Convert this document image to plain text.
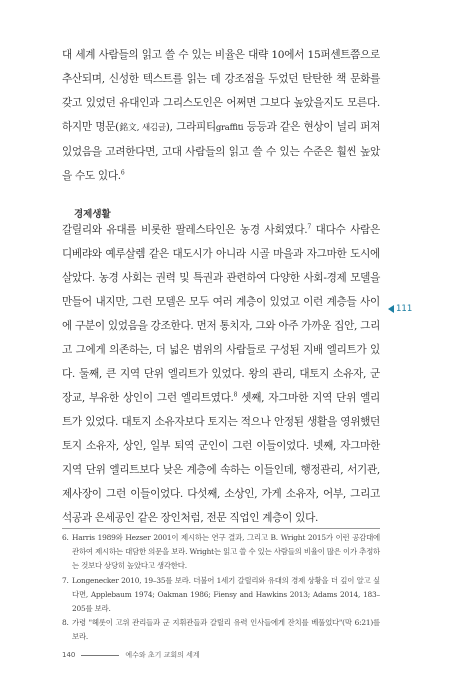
대 세계 사람들의 읽고 쓸 수 있는 비율은 대략 10에서 15퍼센트쯤으로 추산되며, 신성한 텍스트를 읽는 데 강조점을 두었던 탄탄한 책 문화를 갖고 있었던 유대인과 그리스도인은 어쩌면 그보다 높았을지도 모른다. 하지만 명문(銘文, 새김글), 그라피티graffiti 등등과 같은 현상이 널리 퍼져 있었음을 고려한다면, 고대 사람들의 읽고 쓸 수 있는 수준은 훨씬 높았을 수도 있다.$^6$

경제생활

갈릴리와 유대를 비롯한 팔레스타인은 농경 사회였다.$^7$ 대다수 사람은 디베랴와 예루살렘 같은 대도시가 아니라 시골 마을과 자그마한 도시에 살았다. 농경 사회는 권력 및 특권과 관련하여 다양한 사회-경제 모델을 만들어 내지만, 그런 모델은 모두 여러 계층이 있었고 이런 계층들 사이에 구분이 있었음을 강조한다. 먼저 통치자, 그와 아주 가까운 집안, 그리고 그에게 의존하는, 더 넓은 범위의 사람들로 구성된 지배 엘리트가 있다. 둘째, 큰 지역 단위 엘리트가 있었다. 왕의 관리, 대토지 소유자, 군 장교, 부유한 상인이 그런 엘리트였다.$^8$ 셋째, 자그마한 지역 단위 엘리트가 있었다. 대토지 소유자보다 토지는 적으나 안정된 생활을 영위했던 토지 소유자, 상인, 일부 퇴역 군인이 그런 이들이었다. 넷째, 자그마한 지역 단위 엘리트보다 낮은 계층에 속하는 이들인데, 행정관리, 서기관, 제사장이 그런 이들이었다. 다섯째, 소상인, 가게 소유자, 어부, 그리고 석공과 은세공인 같은 장인처럼, 전문 직업인 계층이 있다.

111
6. Harris 1989와 Hezser 2001이 제시하는 연구 결과, 그리고 B. Wright 2015가 이런 공감대에 관하여 제시하는 대담한 의문을 보라. Wright는 읽고 쓸 수 있는 사람들의 비율이 많은 이가 추정하는 것보다 상당히 높았다고 생각한다.
7. Longenecker 2010, 19–35를 보라. 더불어 1세기 갈릴리와 유대의 경제 상황을 더 깊이 알고 싶다면, Applebaum 1974; Oakman 1986; Fiensy and Hawkins 2013; Adams 2014, 183–205를 보라.
8. 가령 "헤롯이 고위 관리들과 군 지휘관들과 갈릴리 유력 인사들에게 잔치를 베풀었다"(막 6:21)를 보라.
140	예수와 초기 교회의 세계
